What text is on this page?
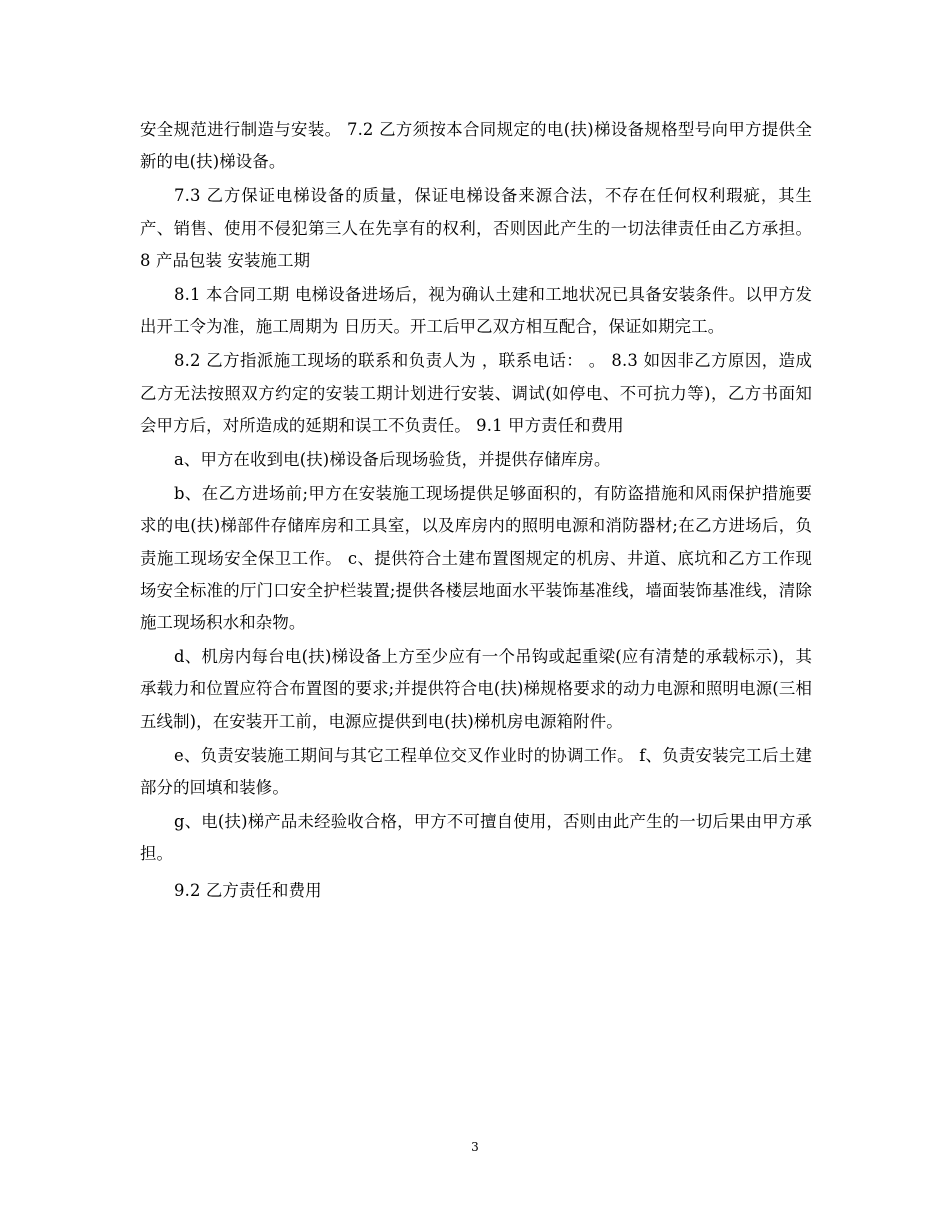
安全规范进行制造与安装。 7.2 乙方须按本合同规定的电(扶)梯设备规格型号向甲方提供全新的电(扶)梯设备。

7.3 乙方保证电梯设备的质量，保证电梯设备来源合法，不存在任何权利瑕疵，其生产、销售、使用不侵犯第三人在先享有的权利，否则因此产生的一切法律责任由乙方承担。 8 产品包装 安装施工期

8.1 本合同工期 电梯设备进场后，视为确认土建和工地状况已具备安装条件。以甲方发出开工令为准，施工周期为 日历天。开工后甲乙双方相互配合，保证如期完工。

8.2 乙方指派施工现场的联系和负责人为 ，联系电话： 。 8.3 如因非乙方原因，造成乙方无法按照双方约定的安装工期计划进行安装、调试(如停电、不可抗力等)，乙方书面知会甲方后，对所造成的延期和误工不负责任。 9.1 甲方责任和费用

a、甲方在收到电(扶)梯设备后现场验货，并提供存储库房。

b、在乙方进场前;甲方在安装施工现场提供足够面积的，有防盗措施和风雨保护措施要求的电(扶)梯部件存储库房和工具室，以及库房内的照明电源和消防器材;在乙方进场后，负责施工现场安全保卫工作。 c、提供符合土建布置图规定的机房、井道、底坑和乙方工作现场安全标准的厅门口安全护栏装置;提供各楼层地面水平装饰基准线，墙面装饰基准线，清除施工现场积水和杂物。

d、机房内每台电(扶)梯设备上方至少应有一个吊钩或起重梁(应有清楚的承载标示)，其承载力和位置应符合布置图的要求;并提供符合电(扶)梯规格要求的动力电源和照明电源(三相五线制)，在安装开工前，电源应提供到电(扶)梯机房电源箱附件。

e、负责安装施工期间与其它工程单位交叉作业时的协调工作。 f、负责安装完工后土建部分的回填和装修。

g、电(扶)梯产品未经验收合格，甲方不可擅自使用，否则由此产生的一切后果由甲方承担。

9.2 乙方责任和费用

3
